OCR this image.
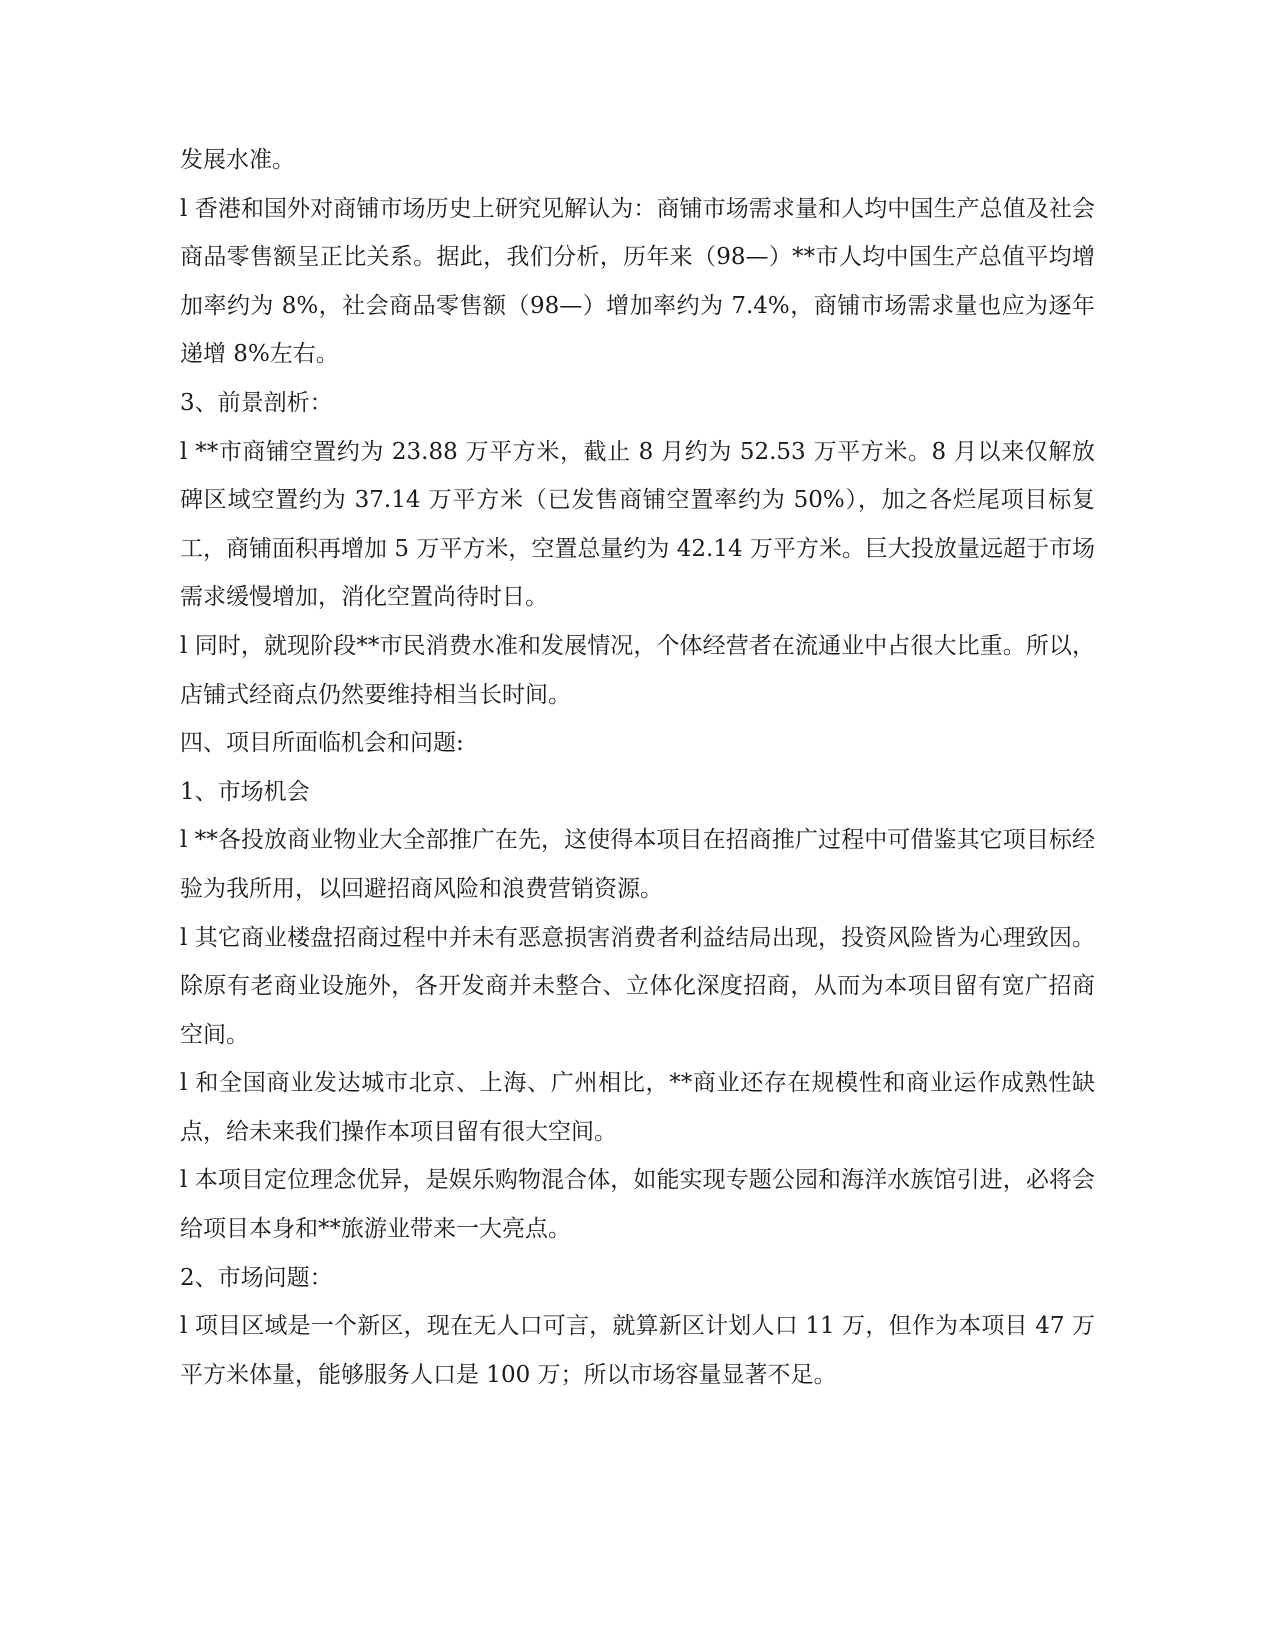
发展水准。

l 香港和国外对商铺市场历史上研究见解认为：商铺市场需求量和人均中国生产总值及社会商品零售额呈正比关系。据此，我们分析，历年来（98—）**市人均中国生产总值平均增加率约为 8%，社会商品零售额（98—）增加率约为 7.4%，商铺市场需求量也应为逐年递增 8%左右。

3、前景剖析：

l **市商铺空置约为 23.88 万平方米，截止 8 月约为 52.53 万平方米。8 月以来仅解放碑区域空置约为 37.14 万平方米（已发售商铺空置率约为 50%），加之各烂尾项目标复工，商铺面积再增加 5 万平方米，空置总量约为 42.14 万平方米。巨大投放量远超于市场需求缓慢增加，消化空置尚待时日。

l 同时，就现阶段**市民消费水准和发展情况，个体经营者在流通业中占很大比重。所以，店铺式经商点仍然要维持相当长时间。

四、项目所面临机会和问题:

1、市场机会

l **各投放商业物业大全部推广在先，这使得本项目在招商推广过程中可借鉴其它项目标经验为我所用，以回避招商风险和浪费营销资源。

l 其它商业楼盘招商过程中并未有恶意损害消费者利益结局出现，投资风险皆为心理致因。除原有老商业设施外，各开发商并未整合、立体化深度招商，从而为本项目留有宽广招商空间。

l 和全国商业发达城市北京、上海、广州相比，**商业还存在规模性和商业运作成熟性缺点，给未来我们操作本项目留有很大空间。

l 本项目定位理念优异，是娱乐购物混合体，如能实现专题公园和海洋水族馆引进，必将会给项目本身和**旅游业带来一大亮点。

2、市场问题：

l 项目区域是一个新区，现在无人口可言，就算新区计划人口 11 万，但作为本项目 47 万平方米体量，能够服务人口是 100 万；所以市场容量显著不足。
